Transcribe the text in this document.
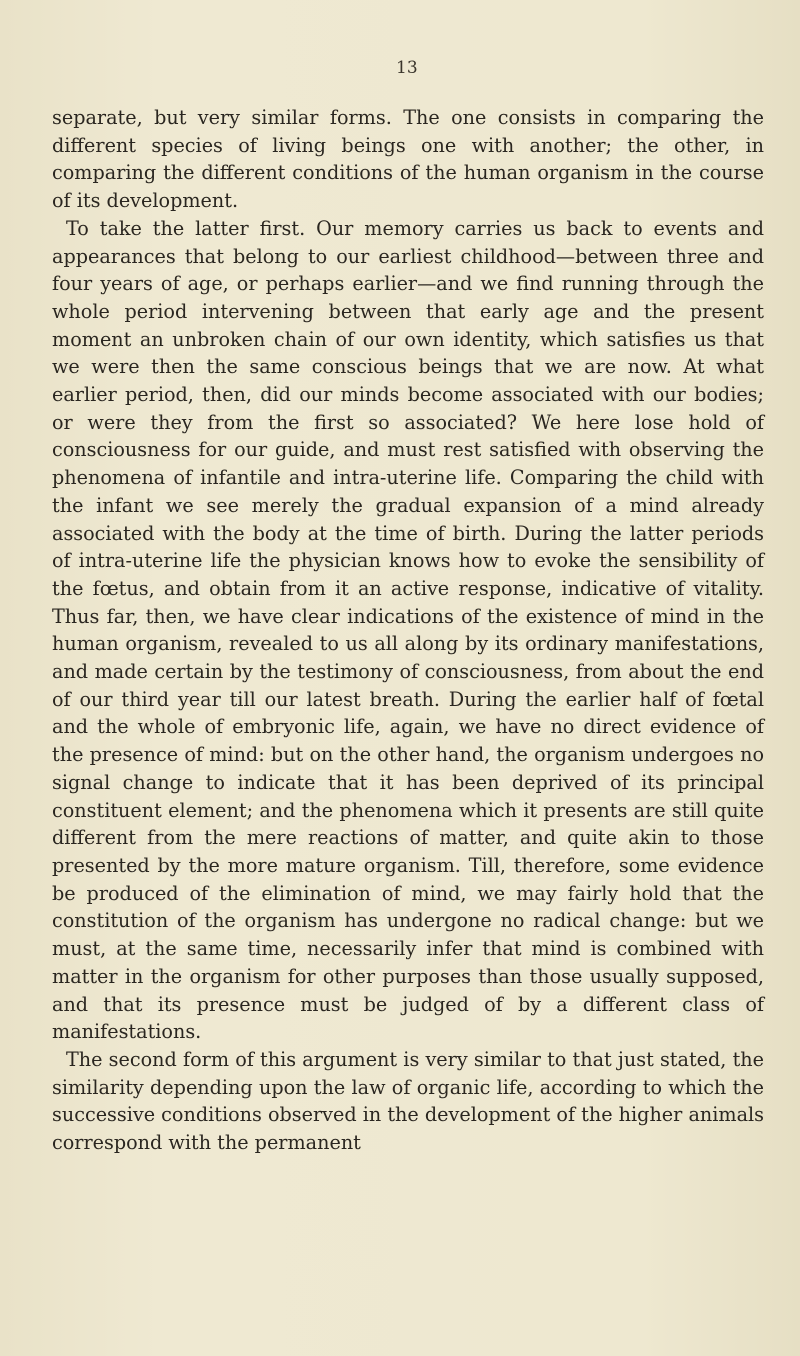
13

separate, but very similar forms. The one consists in comparing the different species of living beings one with another; the other, in comparing the different conditions of the human organism in the course of its development.

To take the latter first. Our memory carries us back to events and appearances that belong to our earliest childhood—between three and four years of age, or perhaps earlier—and we find running through the whole period intervening between that early age and the present moment an unbroken chain of our own identity, which satisfies us that we were then the same conscious beings that we are now. At what earlier period, then, did our minds become associated with our bodies; or were they from the first so associated? We here lose hold of consciousness for our guide, and must rest satisfied with observing the phenomena of infantile and intra-uterine life. Comparing the child with the infant we see merely the gradual expansion of a mind already associated with the body at the time of birth. During the latter periods of intra-uterine life the physician knows how to evoke the sensibility of the fœtus, and obtain from it an active response, indicative of vitality. Thus far, then, we have clear indications of the existence of mind in the human organism, revealed to us all along by its ordinary manifestations, and made certain by the testimony of consciousness, from about the end of our third year till our latest breath. During the earlier half of fœtal and the whole of embryonic life, again, we have no direct evidence of the presence of mind: but on the other hand, the organism undergoes no signal change to indicate that it has been deprived of its principal constituent element; and the phenomena which it presents are still quite different from the mere reactions of matter, and quite akin to those presented by the more mature organism. Till, therefore, some evidence be produced of the elimination of mind, we may fairly hold that the constitution of the organism has undergone no radical change: but we must, at the same time, necessarily infer that mind is combined with matter in the organism for other purposes than those usually supposed, and that its presence must be judged of by a different class of manifestations.

The second form of this argument is very similar to that just stated, the similarity depending upon the law of organic life, according to which the successive conditions observed in the development of the higher animals correspond with the permanent
